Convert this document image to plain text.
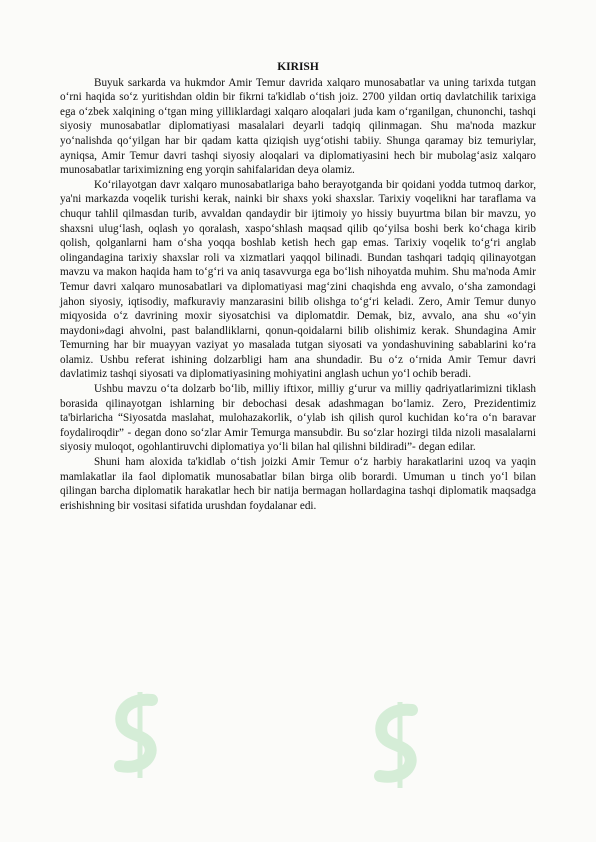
KIRISH

Buyuk sarkarda va hukmdor Amir Temur davrida xalqaro munosabatlar va uning tarixda tutgan o‘rni haqida so‘z yuritishdan oldin bir fikrni ta'kidlab o‘tish joiz. 2700 yildan ortiq davlatchilik tarixiga ega o‘zbek xalqining o‘tgan ming yilliklardagi xalqaro aloqalari juda kam o‘rganilgan, chunonchi, tashqi siyosiy munosabatlar diplomatiyasi masalalari deyarli tadqiq qilinmagan. Shu ma'noda mazkur yo‘nalishda qo‘yilgan har bir qadam katta qiziqish uyg‘otishi tabiiy. Shunga qaramay biz temuriylar, ayniqsa, Amir Temur davri tashqi siyosiy aloqalari va diplomatiyasini hech bir mubolag‘asiz xalqaro munosabatlar tariximizning eng yorqin sahifalaridan deya olamiz.

Ko‘rilayotgan davr xalqaro munosabatlariga baho berayotganda bir qoidani yodda tutmoq darkor, ya'ni markazda voqelik turishi kerak, nainki bir shaxs yoki shaxslar. Tarixiy voqelikni har taraflama va chuqur tahlil qilmasdan turib, avvaldan qandaydir bir ijtimoiy yo hissiy buyurtma bilan bir mavzu, yo shaxsni ulug‘lash, oqlash yo qoralash, xaspo‘shlash maqsad qilib qo‘yilsa boshi berk ko‘chaga kirib qolish, qolganlarni ham o‘sha yoqqa boshlab ketish hech gap emas. Tarixiy voqelik to‘g‘ri anglab olingandagina tarixiy shaxslar roli va xizmatlari yaqqol bilinadi. Bundan tashqari tadqiq qilinayotgan mavzu va makon haqida ham to‘g‘ri va aniq tasavvurga ega bo‘lish nihoyatda muhim. Shu ma'noda Amir Temur davri xalqaro munosabatlari va diplomatiyasi mag‘zini chaqishda eng avvalo, o‘sha zamondagi jahon siyosiy, iqtisodiy, mafkuraviy manzarasini bilib olishga to‘g‘ri keladi. Zero, Amir Temur dunyo miqyosida o‘z davrining moxir siyosatchisi va diplomatdir. Demak, biz, avvalo, ana shu «o‘yin maydoni»dagi ahvolni, past balandliklarni, qonun-qoidalarni bilib olishimiz kerak. Shundagina Amir Temurning har bir muayyan vaziyat yo masalada tutgan siyosati va yondashuvining sabablarini ko‘ra olamiz. Ushbu referat ishining dolzarbligi ham ana shundadir. Bu o‘z o‘rnida Amir Temur davri davlatimiz tashqi siyosati va diplomatiyasining mohiyatini anglash uchun yo‘l ochib beradi.

Ushbu mavzu o‘ta dolzarb bo‘lib, milliy iftixor, milliy g‘urur va milliy qadriyatlarimizni tiklash borasida qilinayotgan ishlarning bir debochasi desak adashmagan bo‘lamiz. Zero, Prezidentimiz ta'birlaricha “Siyosatda maslahat, mulohazakorlik, o‘ylab ish qilish qurol kuchidan ko‘ra o‘n baravar foydaliroqdir” - degan dono so‘zlar Amir Temurga mansubdir. Bu so‘zlar hozirgi tilda nizoli masalalarni siyosiy muloqot, ogohlantiruvchi diplomatiya yo‘li bilan hal qilishni bildiradi”- degan edilar.

Shuni ham aloxida ta'kidlab o‘tish joizki Amir Temur o‘z harbiy harakatlarini uzoq va yaqin mamlakatlar ila faol diplomatik munosabatlar bilan birga olib borardi. Umuman u tinch yo‘l bilan qilingan barcha diplomatik harakatlar hech bir natija bermagan hollardagina tashqi diplomatik maqsadga erishishning bir vositasi sifatida urushdan foydalanar edi.
